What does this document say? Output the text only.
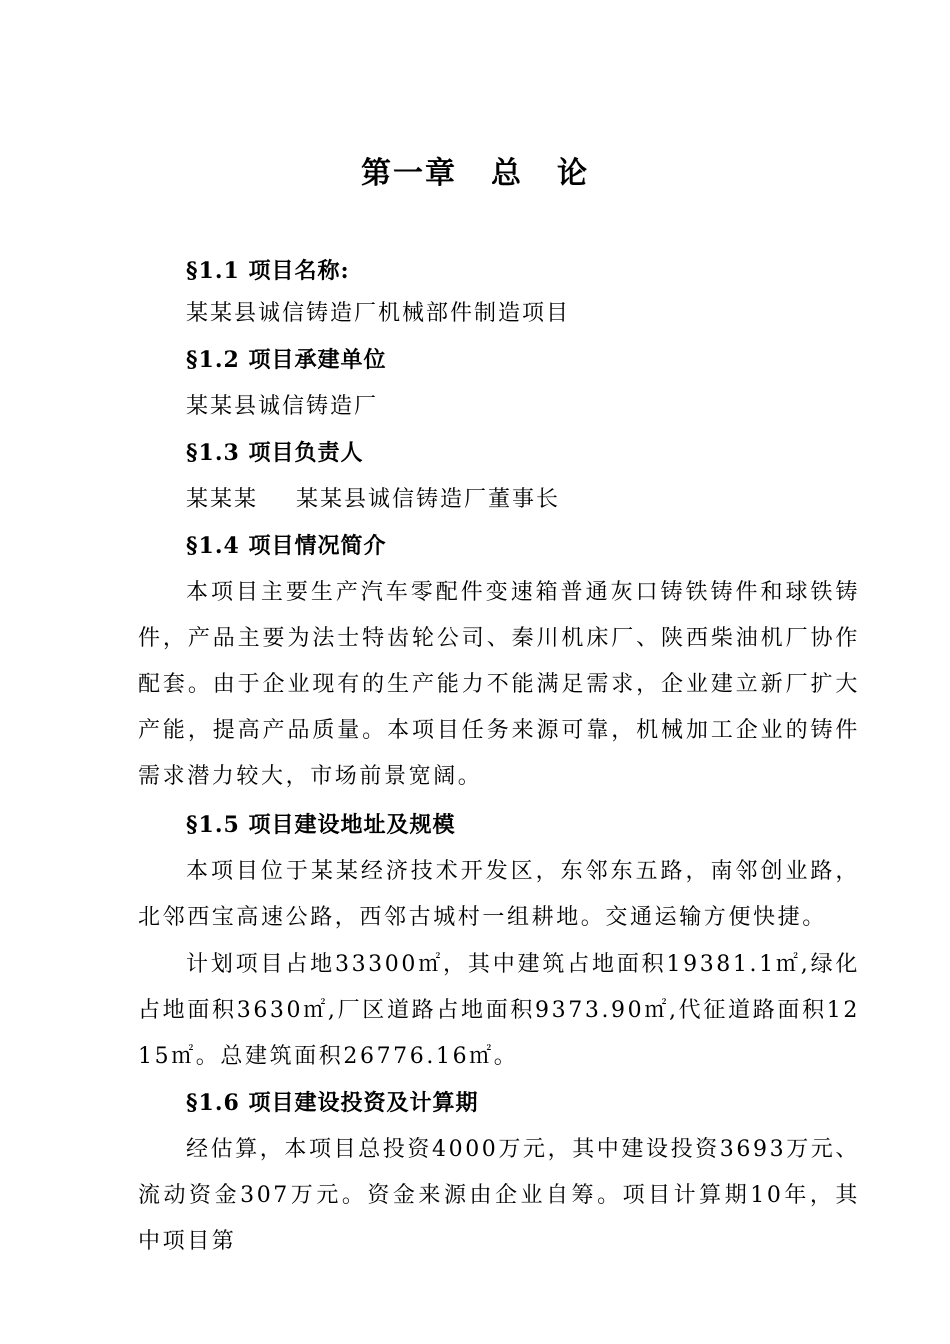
第一章 总 论
§1.1 项目名称:
某某县诚信铸造厂机械部件制造项目
§1.2 项目承建单位
某某县诚信铸造厂
§1.3 项目负责人
某某某 某某县诚信铸造厂董事长
§1.4 项目情况简介
本项目主要生产汽车零配件变速箱普通灰口铸铁铸件和球铁铸件，产品主要为法士特齿轮公司、秦川机床厂、陕西柴油机厂协作配套。由于企业现有的生产能力不能满足需求，企业建立新厂扩大产能，提高产品质量。本项目任务来源可靠，机械加工企业的铸件需求潜力较大，市场前景宽阔。
§1.5 项目建设地址及规模
本项目位于某某经济技术开发区，东邻东五路，南邻创业路，北邻西宝高速公路，西邻古城村一组耕地。交通运输方便快捷。
计划项目占地33300㎡，其中建筑占地面积19381.1㎡,绿化占地面积3630㎡,厂区道路占地面积9373.90㎡,代征道路面积1215㎡。总建筑面积26776.16㎡。
§1.6 项目建设投资及计算期
经估算，本项目总投资4000万元，其中建设投资3693万元、流动资金307万元。资金来源由企业自筹。项目计算期10年，其中项目第
